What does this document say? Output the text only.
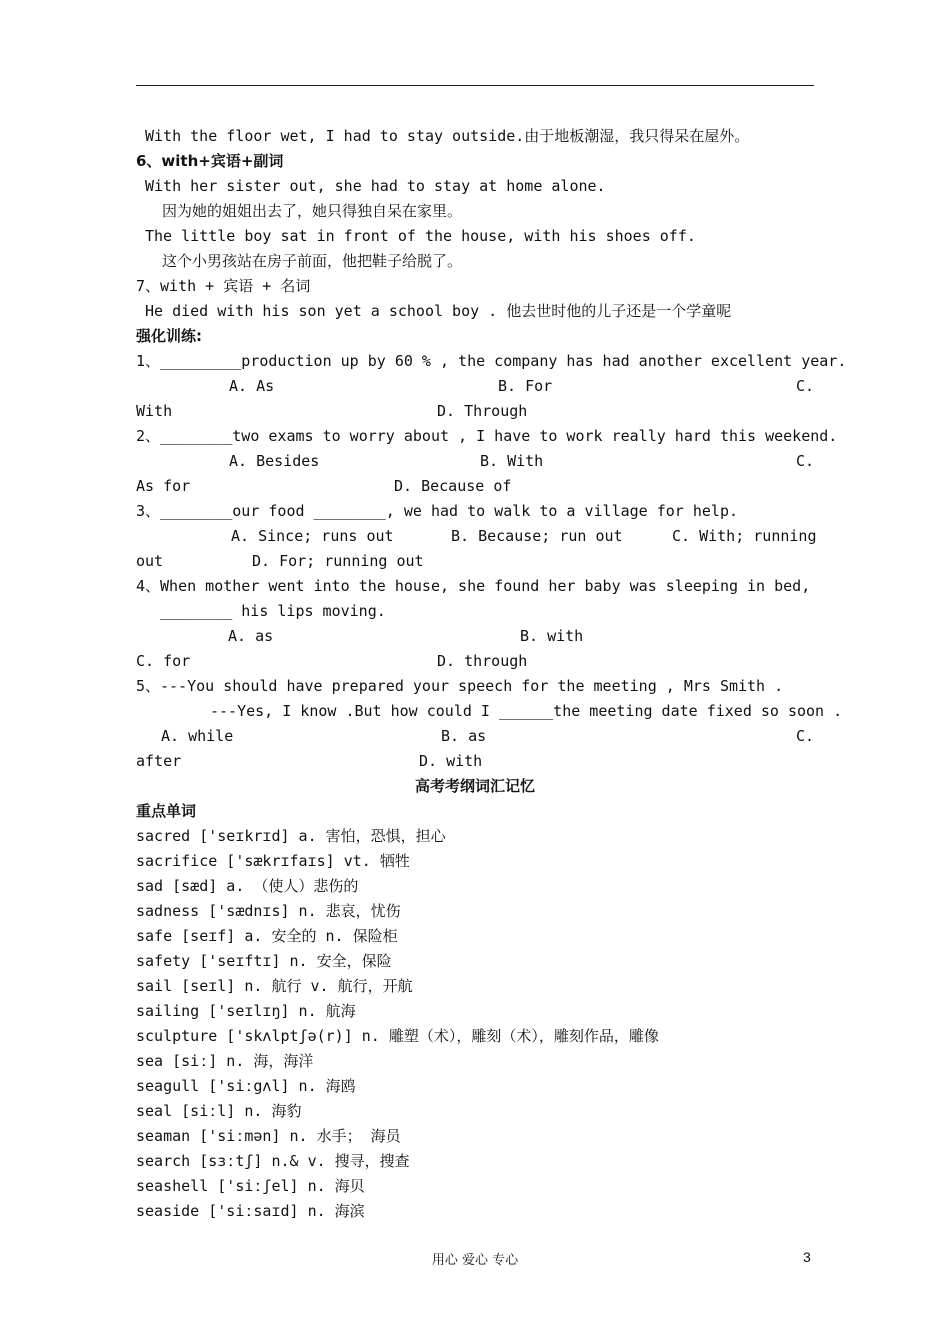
With the floor wet, I had to stay outside.由于地板潮湿，我只得呆在屋外。
6、with+宾语+副词
With her sister out, she had to stay at home alone.
因为她的姐姐出去了，她只得独自呆在家里。
The little boy sat in front of the house, with his shoes off.
这个小男孩站在房子前面，他把鞋子给脱了。
7、with + 宾语 + 名词
He died with his son yet a school boy . 他去世时他的儿子还是一个学童呢
强化训练:
1、_________production up by 60 % , the company has had another excellent year.

A. As

	B. For

	C.

With

	D. Through

2、________two exams to worry about , I have to work really hard this weekend.

A. Besides

	B. With

	C.

As for

	D. Because of

3、________our food ________, we had to walk to a village for help.

A. Since; runs out

	B. Because; run out

	C. With; running

out

	D. For; running out

4、When mother went into the house, she found her baby was sleeping in bed,
________ his lips moving.

A. as

	B. with

C. for

	D. through

5、---You should have prepared your speech for the meeting , Mrs Smith .

---Yes, I know .But how could I ______the meeting date fixed so soon .

A. while

	B. as

	C.

after

	D. with

高考考纲词汇记忆
重点单词
sacred ['seɪkrɪd] a. 害怕，恐惧，担心
sacrifice ['sækrɪfaɪs] vt. 牺牲
sad [sæd] a. （使人）悲伤的
sadness ['sædnɪs] n. 悲哀，忧伤
safe [seɪf] a. 安全的 n. 保险柜
safety ['seɪftɪ] n. 安全，保险
sail [seɪl] n. 航行 v. 航行，开航
sailing ['seɪlɪŋ] n. 航海
sculpture ['skʌlptʃə(r)] n. 雕塑（术），雕刻（术），雕刻作品，雕像
sea [siː] n. 海，海洋
seagull ['siːgʌl] n. 海鸥
seal [siːl] n. 海豹
seaman ['siːmən] n. 水手； 海员
search [sɜːtʃ] n.& v. 搜寻，搜查
seashell ['siːʃel] n. 海贝
seaside ['siːsaɪd] n. 海滨
用心 爱心 专心	3
